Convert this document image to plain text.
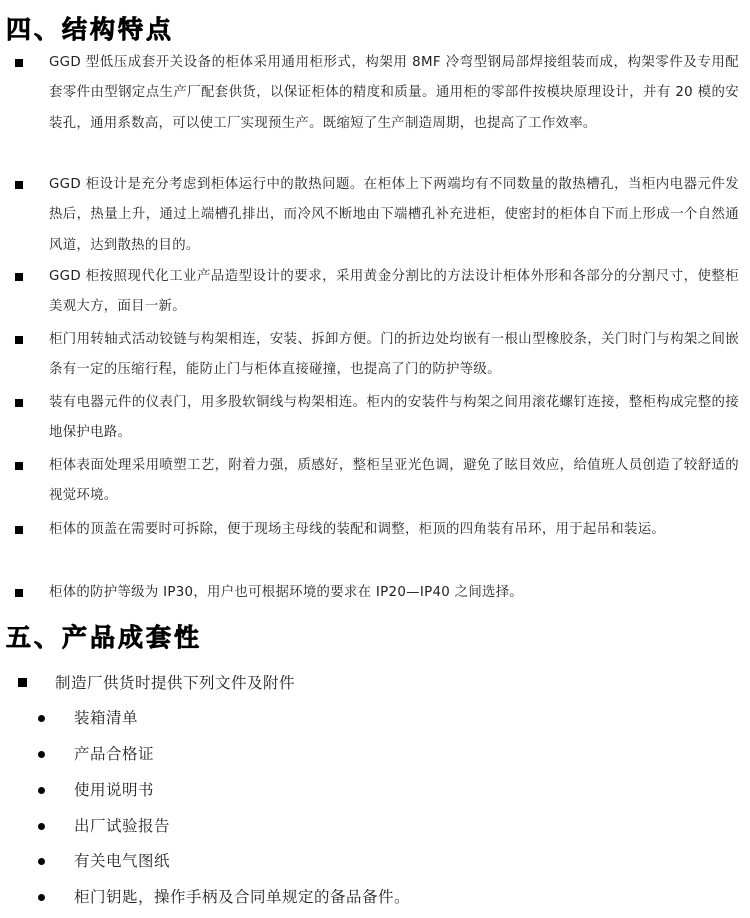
四、结构特点
GGD 型低压成套开关设备的柜体采用通用柜形式，构架用 8MF 冷弯型钢局部焊接组装而成，构架零件及专用配套零件由型钢定点生产厂配套供货，以保证柜体的精度和质量。通用柜的零部件按模块原理设计，并有 20 模的安装孔，通用系数高，可以使工厂实现预生产。既缩短了生产制造周期，也提高了工作效率。
GGD 柜设计是充分考虑到柜体运行中的散热问题。在柜体上下两端均有不同数量的散热槽孔，当柜内电器元件发热后，热量上升，通过上端槽孔排出，而冷风不断地由下端槽孔补充进柜，使密封的柜体自下而上形成一个自然通风道，达到散热的目的。
GGD 柜按照现代化工业产品造型设计的要求，采用黄金分割比的方法设计柜体外形和各部分的分割尺寸，使整柜美观大方，面目一新。
柜门用转轴式活动铰链与构架相连，安装、拆卸方便。门的折边处均嵌有一根山型橡胶条，关门时门与构架之间嵌条有一定的压缩行程，能防止门与柜体直接碰撞，也提高了门的防护等级。
装有电器元件的仪表门，用多股软铜线与构架相连。柜内的安装件与构架之间用滚花螺钉连接，整柜构成完整的接地保护电路。
柜体表面处理采用喷塑工艺，附着力强，质感好，整柜呈亚光色调，避免了眩目效应，给值班人员创造了较舒适的视觉环境。
柜体的顶盖在需要时可拆除，便于现场主母线的装配和调整，柜顶的四角装有吊环，用于起吊和装运。
柜体的防护等级为 IP30，用户也可根据环境的要求在 IP20—IP40 之间选择。
五、产品成套性
制造厂供货时提供下列文件及附件
装箱清单
产品合格证
使用说明书
出厂试验报告
有关电气图纸
柜门钥匙，操作手柄及合同单规定的备品备件。
